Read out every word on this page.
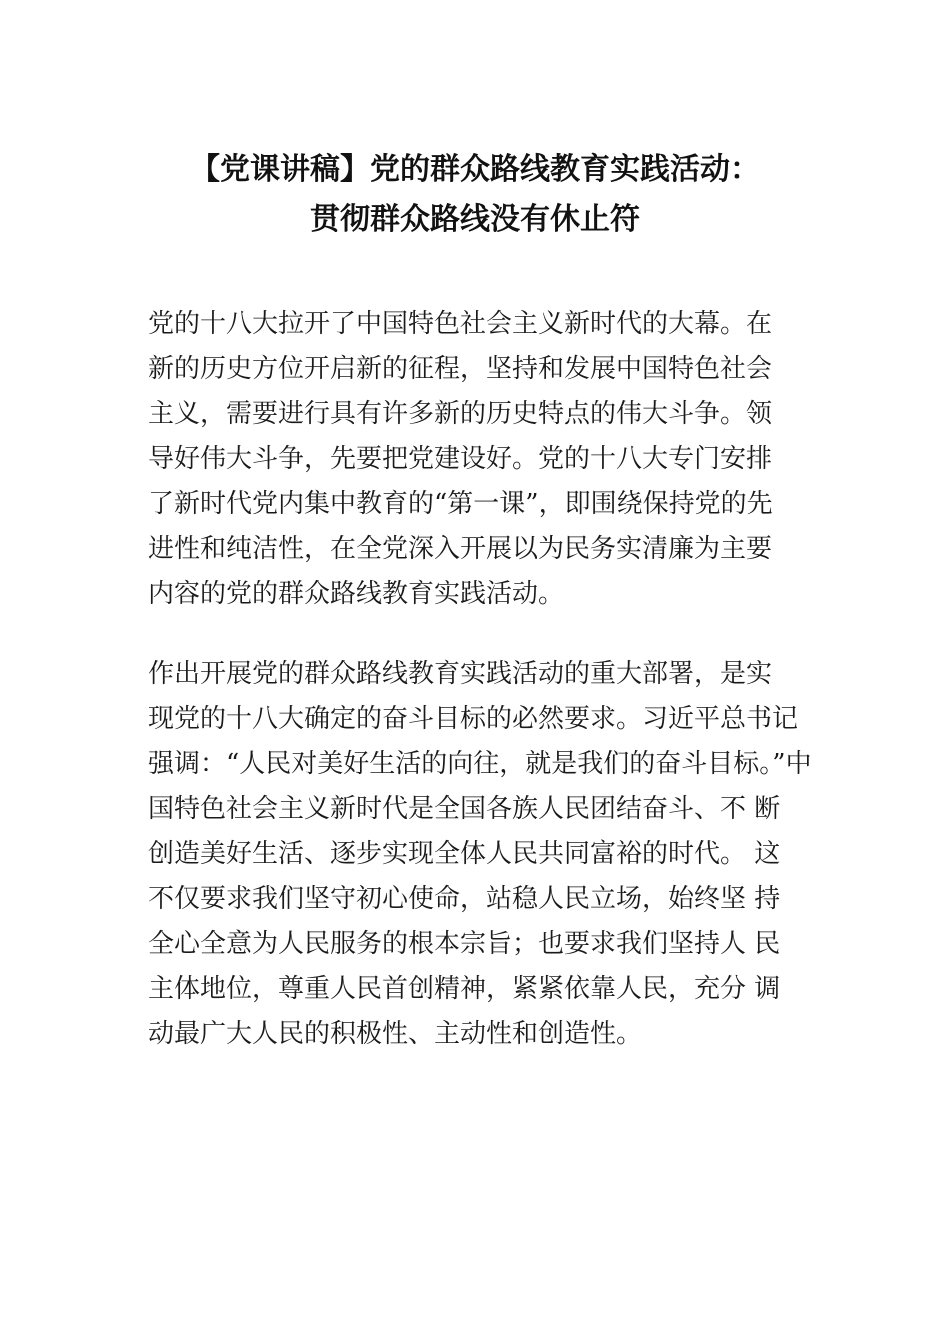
【党课讲稿】党的群众路线教育实践活动：
贯彻群众路线没有休止符
党的十八大拉开了中国特色社会主义新时代的大幕。在
新的历史方位开启新的征程，坚持和发展中国特色社会
主义，需要进行具有许多新的历史特点的伟大斗争。领
导好伟大斗争，先要把党建设好。党的十八大专门安排
了新时代党内集中教育的“第一课”，即围绕保持党的先
进性和纯洁性，在全党深入开展以为民务实清廉为主要
内容的党的群众路线教育实践活动。
作出开展党的群众路线教育实践活动的重大部署，是实
现党的十八大确定的奋斗目标的必然要求。习近平总书记
强调：“人民对美好生活的向往，就是我们的奋斗目标。”中
国特色社会主义新时代是全国各族人民团结奋斗、不 断
创造美好生活、逐步实现全体人民共同富裕的时代。 这
不仅要求我们坚守初心使命，站稳人民立场，始终坚 持
全心全意为人民服务的根本宗旨；也要求我们坚持人 民
主体地位，尊重人民首创精神，紧紧依靠人民，充分 调
动最广大人民的积极性、主动性和创造性。
